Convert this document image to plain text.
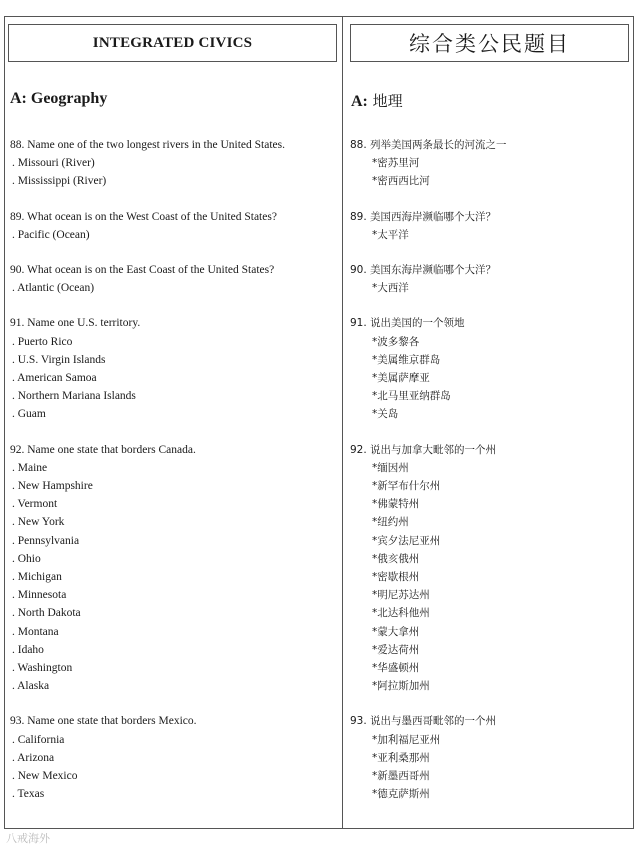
INTEGRATED CIVICS
A: Geography
88. Name one of the two longest rivers in the United States.
. Missouri (River)
. Mississippi (River)
89. What ocean is on the West Coast of the United States?
. Pacific (Ocean)
90. What ocean is on the East Coast of the United States?
. Atlantic (Ocean)
91. Name one U.S. territory.
. Puerto Rico
. U.S. Virgin Islands
. American Samoa
. Northern Mariana Islands
. Guam
92. Name one state that borders Canada.
. Maine
. New Hampshire
. Vermont
. New York
. Pennsylvania
. Ohio
. Michigan
. Minnesota
. North Dakota
. Montana
. Idaho
. Washington
. Alaska
93. Name one state that borders Mexico.
. California
. Arizona
. New Mexico
. Texas
综合类公民题目
A: 地理
88. 列举美国两条最长的河流之一
*密苏里河
*密西西比河
89. 美国西海岸濒临哪个大洋？
*太平洋
90. 美国东海岸濒临哪个大洋？
*大西洋
91. 说出美国的一个领地
*波多黎各
*美属维京群岛
*美属萨摩亚
*北马里亚纳群岛
*关岛
92. 说出与加拿大毗邻的一个州
*缅因州
*新罕布什尔州
*佛蒙特州
*纽约州
*宾夕法尼亚州
*俄亥俄州
*密歇根州
*明尼苏达州
*北达科他州
*蒙大拿州
*爱达荷州
*华盛顿州
*阿拉斯加州
93. 说出与墨西哥毗邻的一个州
*加利福尼亚州
*亚利桑那州
*新墨西哥州
*德克萨斯州
八戒海外
